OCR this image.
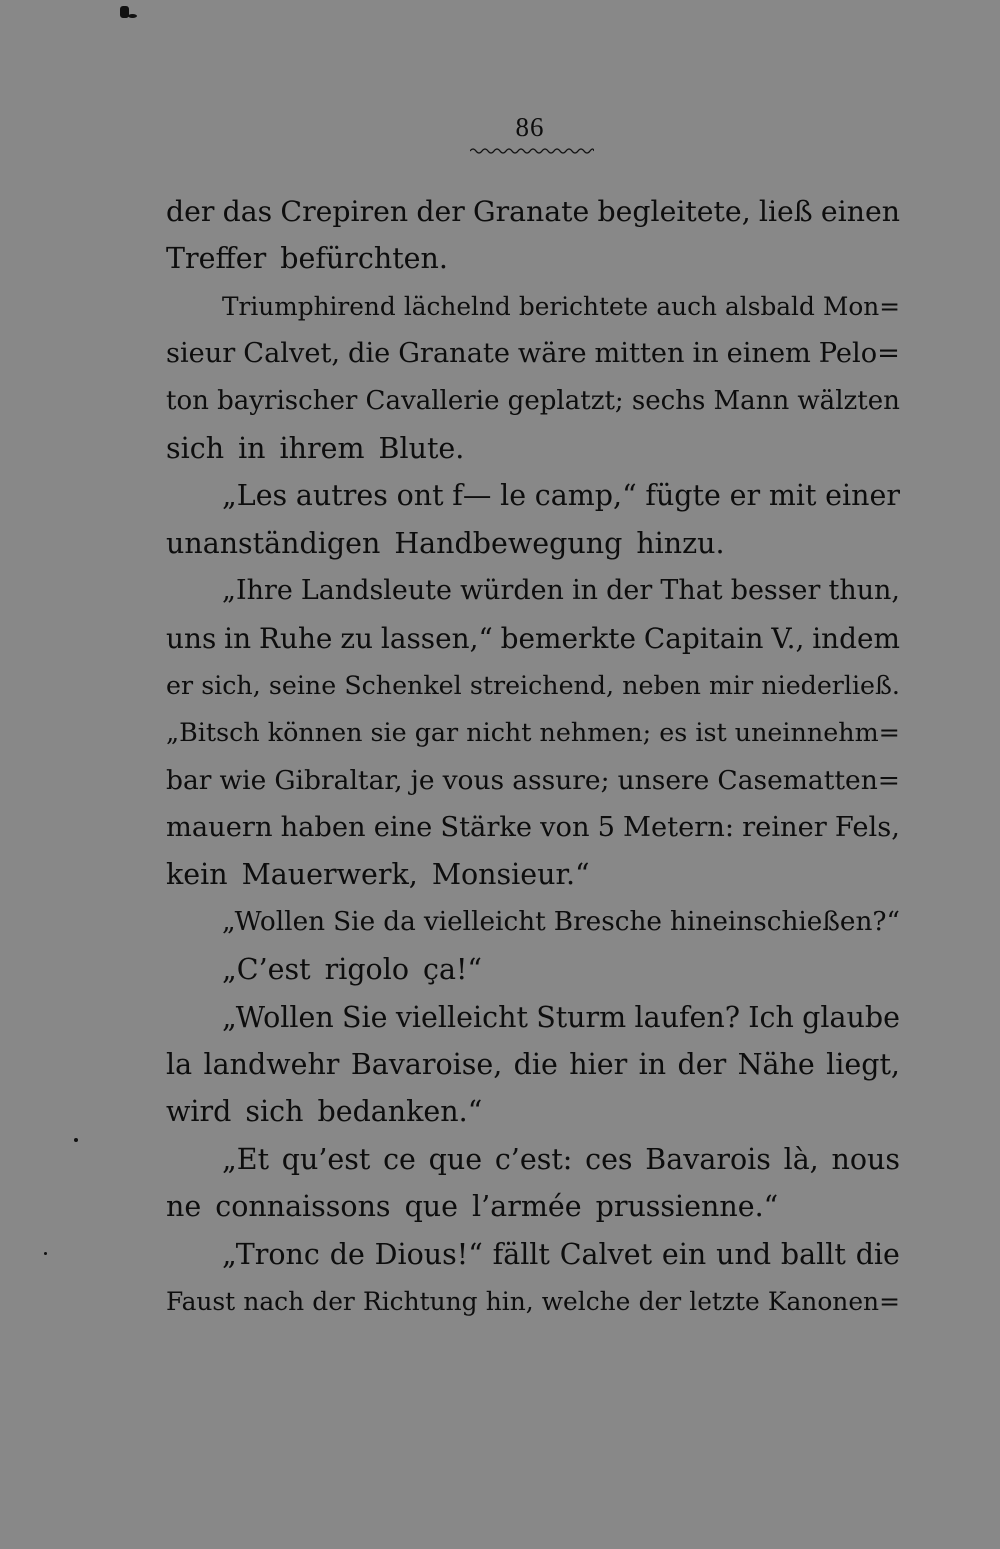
86
der das Crepiren der Granate begleitete, ließ einen
Treffer befürchten.
Triumphirend lächelnd berichtete auch alsbald Mon=
sieur Calvet, die Granate wäre mitten in einem Pelo=
ton bayrischer Cavallerie geplatzt; sechs Mann wälzten
sich in ihrem Blute.
„Les autres ont f— le camp,“ fügte er mit einer
unanständigen Handbewegung hinzu.
„Ihre Landsleute würden in der That besser thun,
uns in Ruhe zu lassen,“ bemerkte Capitain V., indem
er sich, seine Schenkel streichend, neben mir niederließ.
„Bitsch können sie gar nicht nehmen; es ist uneinnehm=
bar wie Gibraltar, je vous assure; unsere Casematten=
mauern haben eine Stärke von 5 Metern: reiner Fels,
kein Mauerwerk, Monsieur.“
„Wollen Sie da vielleicht Bresche hineinschießen?“
„C’est rigolo ça!“
„Wollen Sie vielleicht Sturm laufen? Ich glaube
la landwehr Bavaroise, die hier in der Nähe liegt,
wird sich bedanken.“
„Et qu’est ce que c’est: ces Bavarois là, nous
ne connaissons que l’armée prussienne.“
„Tronc de Dious!“ fällt Calvet ein und ballt die
Faust nach der Richtung hin, welche der letzte Kanonen=
